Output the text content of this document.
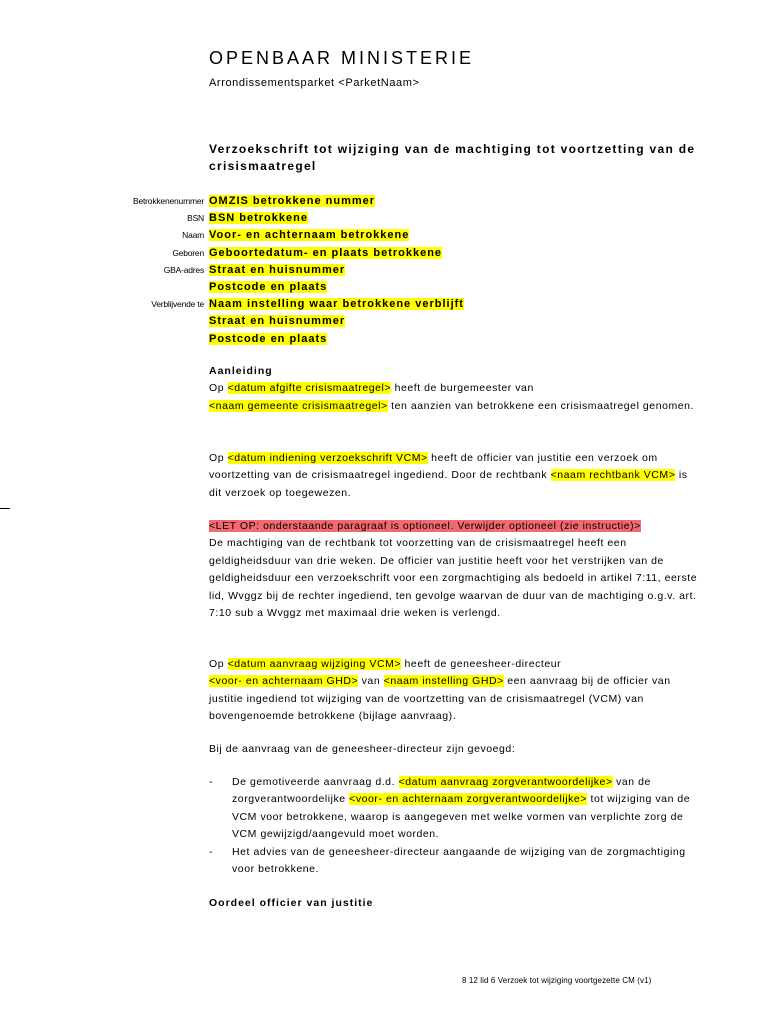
OPENBAAR MINISTERIE
Arrondissementsparket <ParketNaam>
Verzoekschrift tot wijziging van de machtiging tot voortzetting van de crisismaatregel
Betrokkenenummer
BSN
Naam
Geboren
GBA-adres
Verblijvende te
OMZIS betrokkene nummer
BSN betrokkene
Voor- en achternaam betrokkene
Geboortedatum- en plaats betrokkene
Straat en huisnummer
Postcode en plaats
Naam instelling waar betrokkene verblijft
Straat en huisnummer
Postcode en plaats
Aanleiding
Op <datum afgifte crisismaatregel> heeft de burgemeester van
<naam gemeente crisismaatregel> ten aanzien van betrokkene een crisismaatregel genomen.
Op <datum indiening verzoekschrift VCM> heeft de officier van justitie een verzoek om voortzetting van de crisismaatregel ingediend. Door de rechtbank <naam rechtbank VCM> is dit verzoek op toegewezen.
<LET OP: onderstaande paragraaf is optioneel. Verwijder optioneel (zie instructie)>
De machtiging van de rechtbank tot voorzetting van de crisismaatregel heeft een geldigheidsduur van drie weken. De officier van justitie heeft voor het verstrijken van de geldigheidsduur een verzoekschrift voor een zorgmachtiging als bedoeld in artikel 7:11, eerste lid, Wvggz bij de rechter ingediend, ten gevolge waarvan de duur van de machtiging o.g.v. art. 7:10 sub a Wvggz met maximaal drie weken is verlengd.
Op <datum aanvraag wijziging VCM> heeft de geneesheer-directeur
<voor- en achternaam GHD> van <naam instelling GHD> een aanvraag bij de officier van justitie ingediend tot wijziging van de voortzetting van de crisismaatregel (VCM) van bovengenoemde betrokkene (bijlage aanvraag).
Bij de aanvraag van de geneesheer-directeur zijn gevoegd:
- De gemotiveerde aanvraag d.d. <datum aanvraag zorgverantwoordelijke> van de zorgverantwoordelijke <voor- en achternaam zorgverantwoordelijke> tot wijziging van de VCM voor betrokkene, waarop is aangegeven met welke vormen van verplichte zorg de VCM gewijzigd/aangevuld moet worden.
- Het advies van de geneesheer-directeur aangaande de wijziging van de zorgmachtiging voor betrokkene.
Oordeel officier van justitie
8 12 lid 6 Verzoek tot wijziging voortgezette CM (v1)
